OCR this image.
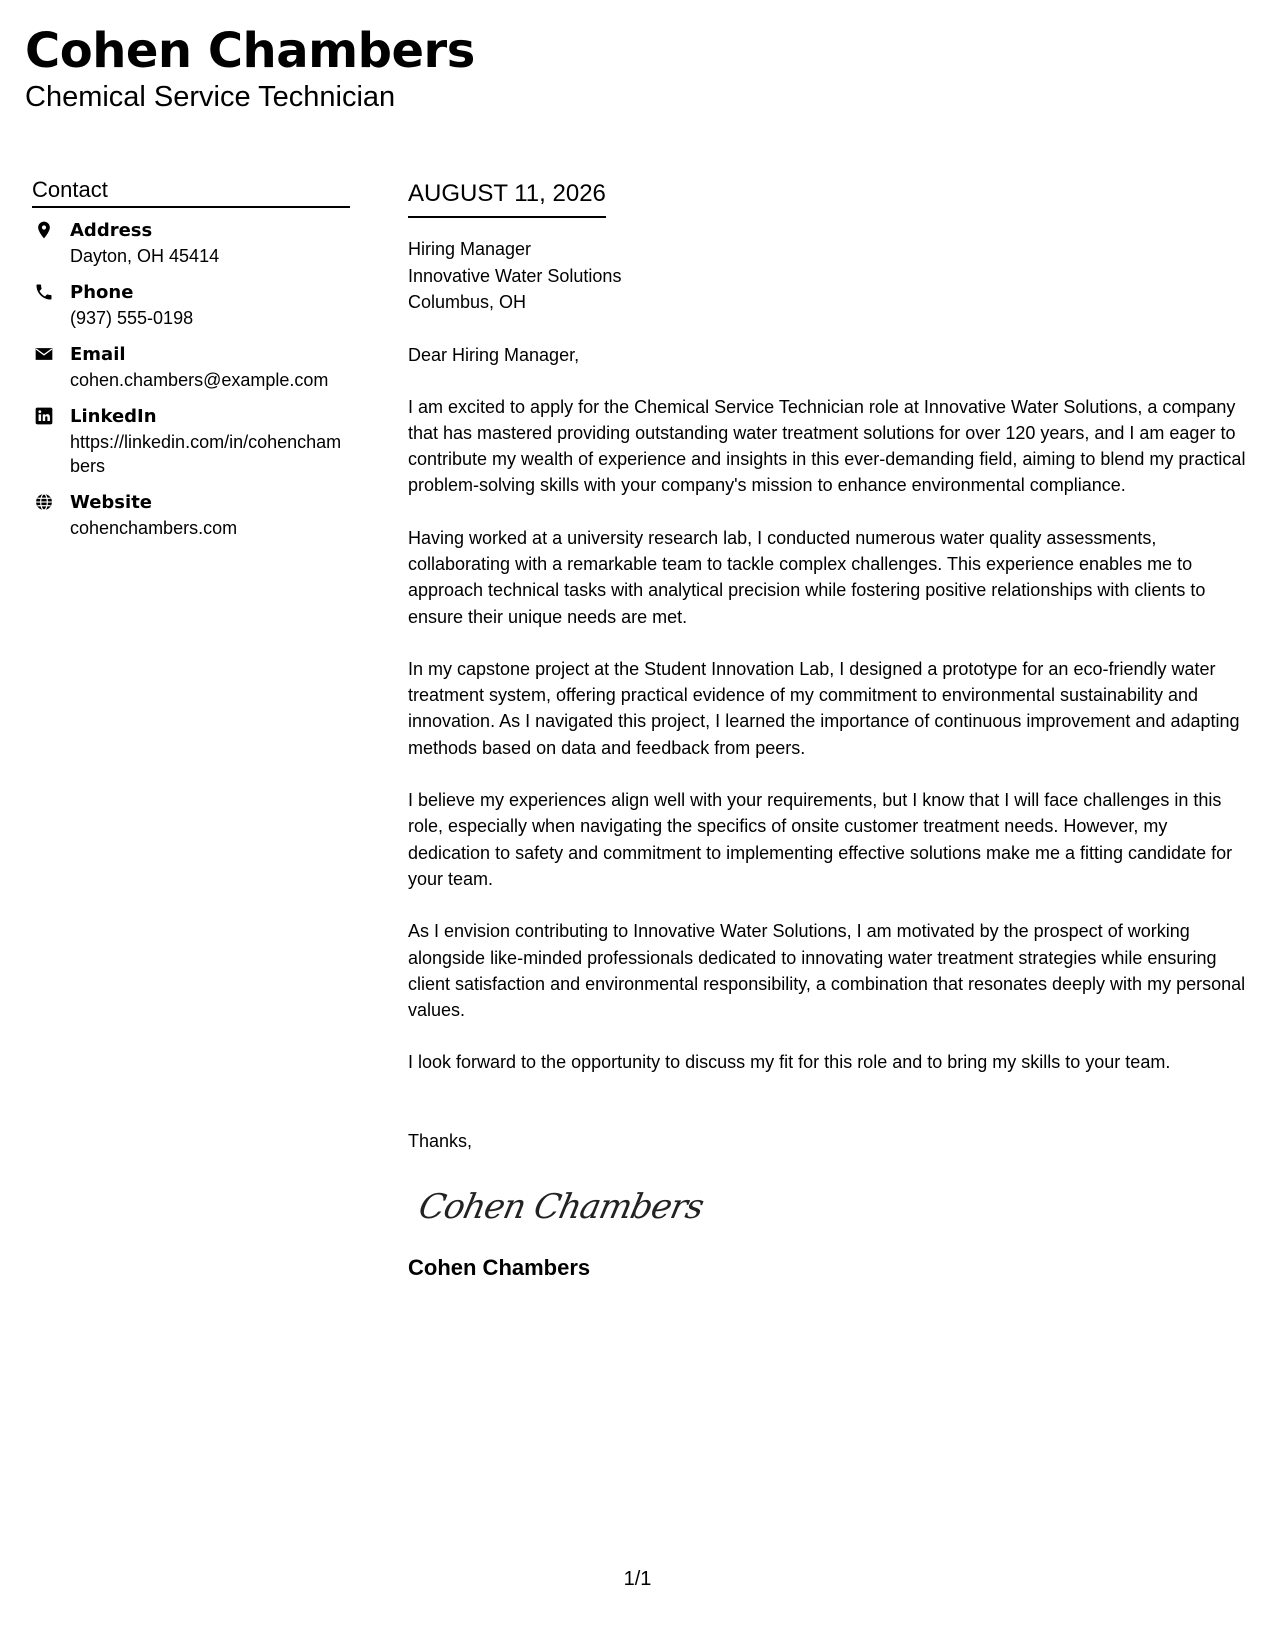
Cohen Chambers
Chemical Service Technician
Contact
Address
Dayton, OH 45414
Phone
(937) 555-0198
Email
cohen.chambers@example.com
LinkedIn
https://linkedin.com/in/cohenchambers
Website
cohenchambers.com
AUGUST 11, 2026
Hiring Manager
Innovative Water Solutions
Columbus, OH
Dear Hiring Manager,

I am excited to apply for the Chemical Service Technician role at Innovative Water Solutions, a company that has mastered providing outstanding water treatment solutions for over 120 years, and I am eager to contribute my wealth of experience and insights in this ever-demanding field, aiming to blend my practical problem-solving skills with your company's mission to enhance environmental compliance.

Having worked at a university research lab, I conducted numerous water quality assessments, collaborating with a remarkable team to tackle complex challenges. This experience enables me to approach technical tasks with analytical precision while fostering positive relationships with clients to ensure their unique needs are met.

In my capstone project at the Student Innovation Lab, I designed a prototype for an eco-friendly water treatment system, offering practical evidence of my commitment to environmental sustainability and innovation. As I navigated this project, I learned the importance of continuous improvement and adapting methods based on data and feedback from peers.

I believe my experiences align well with your requirements, but I know that I will face challenges in this role, especially when navigating the specifics of onsite customer treatment needs. However, my dedication to safety and commitment to implementing effective solutions make me a fitting candidate for your team.

As I envision contributing to Innovative Water Solutions, I am motivated by the prospect of working alongside like-minded professionals dedicated to innovating water treatment strategies while ensuring client satisfaction and environmental responsibility, a combination that resonates deeply with my personal values.

I look forward to the opportunity to discuss my fit for this role and to bring my skills to your team.

Thanks,
Cohen Chambers
Cohen Chambers
1/1
